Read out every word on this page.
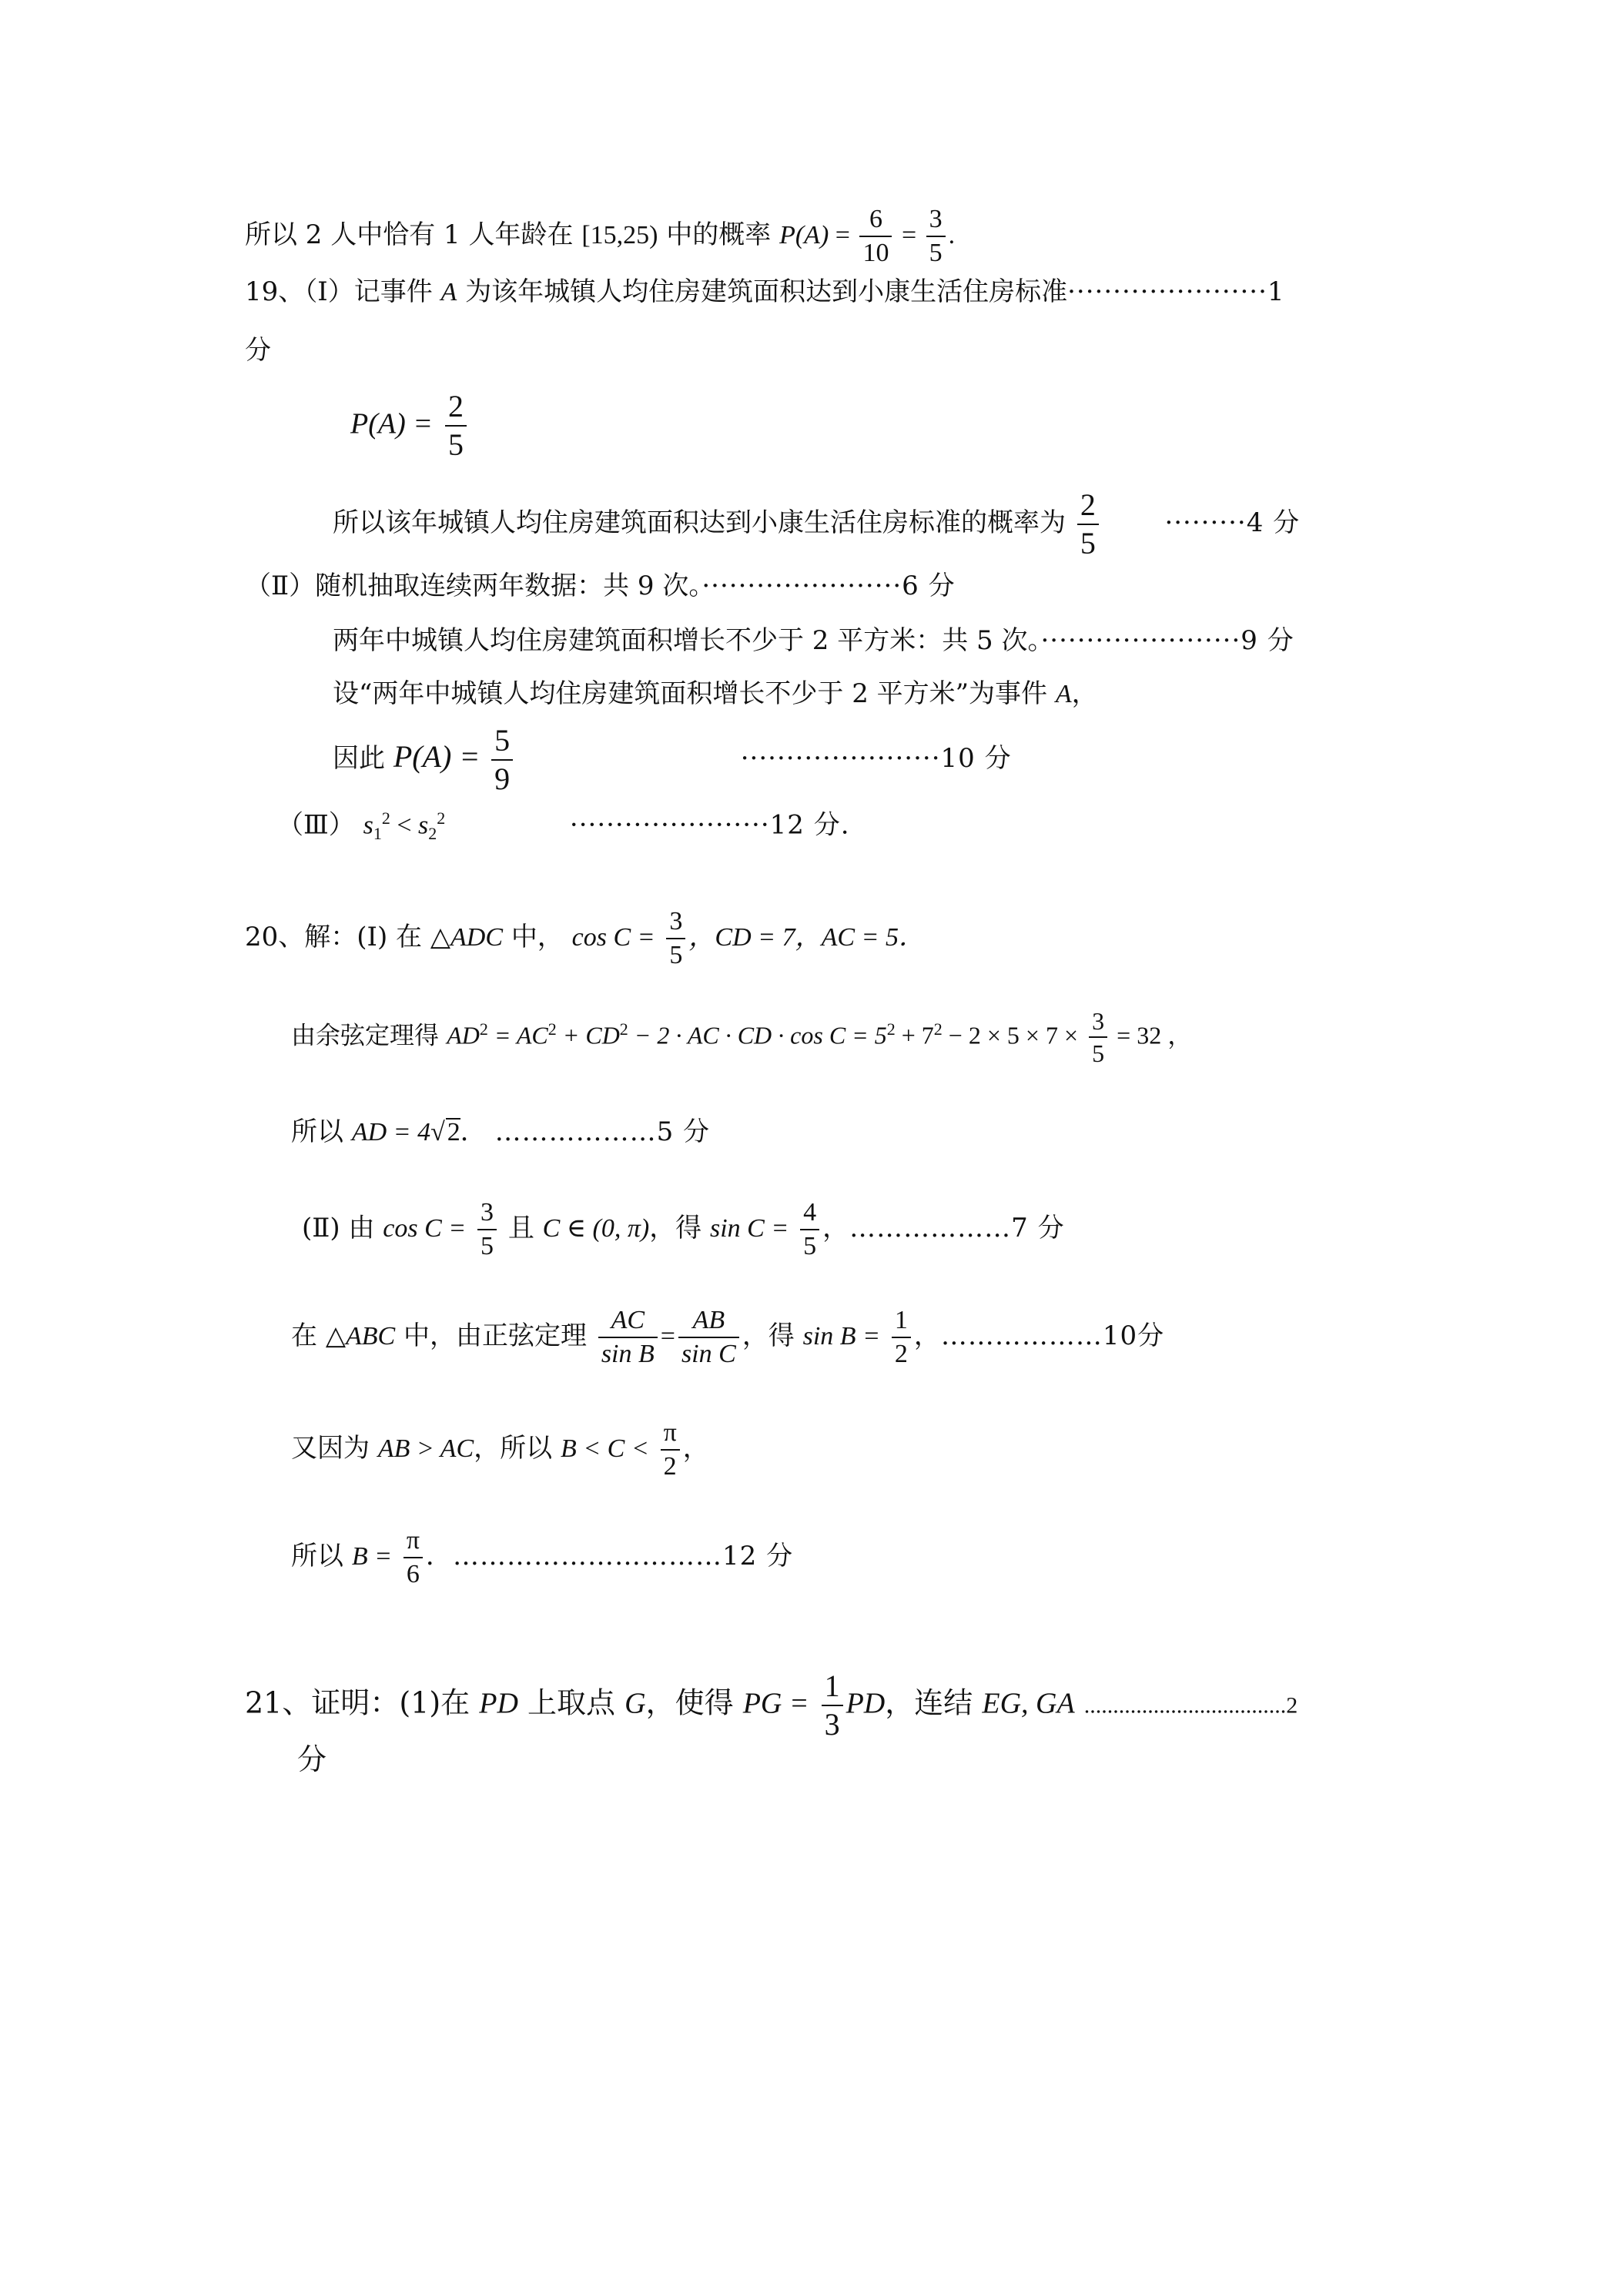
所以 2 人中恰有 1 人年龄在 [15,25) 中的概率 $P(A) = \frac{6}{10} = \frac{3}{5}$ .
19、（Ⅰ）记事件 A 为该年城镇人均住房建筑面积达到小康生活住房标准······················1
分
$P(A) = \frac{2}{5}$
所以该年城镇人均住房建筑面积达到小康生活住房标准的概率为 $\frac{2}{5}$	·········4 分
（Ⅱ）随机抽取连续两年数据：共 9 次。······················6 分
两年中城镇人均住房建筑面积增长不少于 2 平方米：共 5 次。······················9 分
设“两年中城镇人均住房建筑面积增长不少于 2 平方米”为事件 A，
因此 $P(A) = \frac{5}{9}$	······················10 分
（Ⅲ） $s_1^2 < s_2^2$	······················12 分.
20、解：(Ⅰ) 在 △ADC 中， $\cos C = \frac{3}{5}$ ，CD = 7，AC = 5．
由余弦定理得 $AD^2 = AC^2 + CD^2 - 2$ · AC · CD · $\cos C = 5^2 + 7^2 - 2 \times 5 \times 7 \times \frac{3}{5} = 32$ ，
所以 AD = 4√2． ………………5 分
(Ⅱ) 由 $\cos C = \frac{3}{5}$ 且 C ∈ (0, π)，得 $\sin C = \frac{4}{5}$ ，………………7 分
在 △ABC 中，由正弦定理 $\frac{AC}{\text{sin B}} = \frac{AB}{\text{sin C}}$ ，得 $\sin B = \frac{1}{2}$ ，………………10分
又因为 AB > AC，所以 $B < C < \frac{\pi}{2}$ ，
所以 $B = \frac{\pi}{6}$ ．…………………………12 分
21、证明：(1)在 PD 上取点 G，使得 PG = $\frac{1}{3}$ PD，连结 EG, GA ...................................2
分
